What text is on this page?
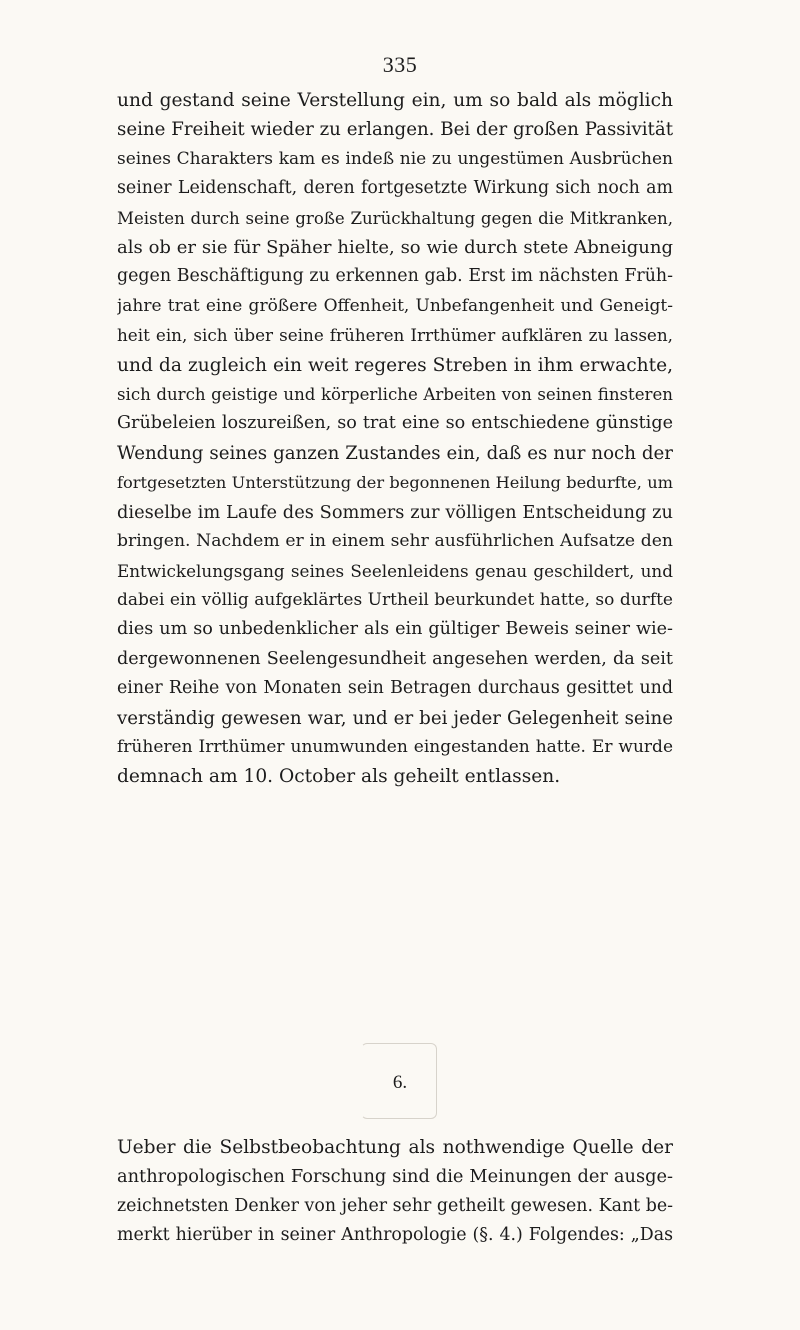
335
und gestand seine Verstellung ein, um so bald als möglich
seine Freiheit wieder zu erlangen. Bei der großen Passivität
seines Charakters kam es indeß nie zu ungestümen Ausbrüchen
seiner Leidenschaft, deren fortgesetzte Wirkung sich noch am
Meisten durch seine große Zurückhaltung gegen die Mitkranken,
als ob er sie für Späher hielte, so wie durch stete Abneigung
gegen Beschäftigung zu erkennen gab. Erst im nächsten Früh-
jahre trat eine größere Offenheit, Unbefangenheit und Geneigt-
heit ein, sich über seine früheren Irrthümer aufklären zu lassen,
und da zugleich ein weit regeres Streben in ihm erwachte,
sich durch geistige und körperliche Arbeiten von seinen finsteren
Grübeleien loszureißen, so trat eine so entschiedene günstige
Wendung seines ganzen Zustandes ein, daß es nur noch der
fortgesetzten Unterstützung der begonnenen Heilung bedurfte, um
dieselbe im Laufe des Sommers zur völligen Entscheidung zu
bringen. Nachdem er in einem sehr ausführlichen Aufsatze den
Entwickelungsgang seines Seelenleidens genau geschildert, und
dabei ein völlig aufgeklärtes Urtheil beurkundet hatte, so durfte
dies um so unbedenklicher als ein gültiger Beweis seiner wie-
dergewonnenen Seelengesundheit angesehen werden, da seit
einer Reihe von Monaten sein Betragen durchaus gesittet und
verständig gewesen war, und er bei jeder Gelegenheit seine
früheren Irrthümer unumwunden eingestanden hatte. Er wurde
demnach am 10. October als geheilt entlassen.
6.
Ueber die Selbstbeobachtung als nothwendige Quelle der
anthropologischen Forschung sind die Meinungen der ausge-
zeichnetsten Denker von jeher sehr getheilt gewesen. Kant be-
merkt hierüber in seiner Anthropologie (§. 4.) Folgendes: „Das
